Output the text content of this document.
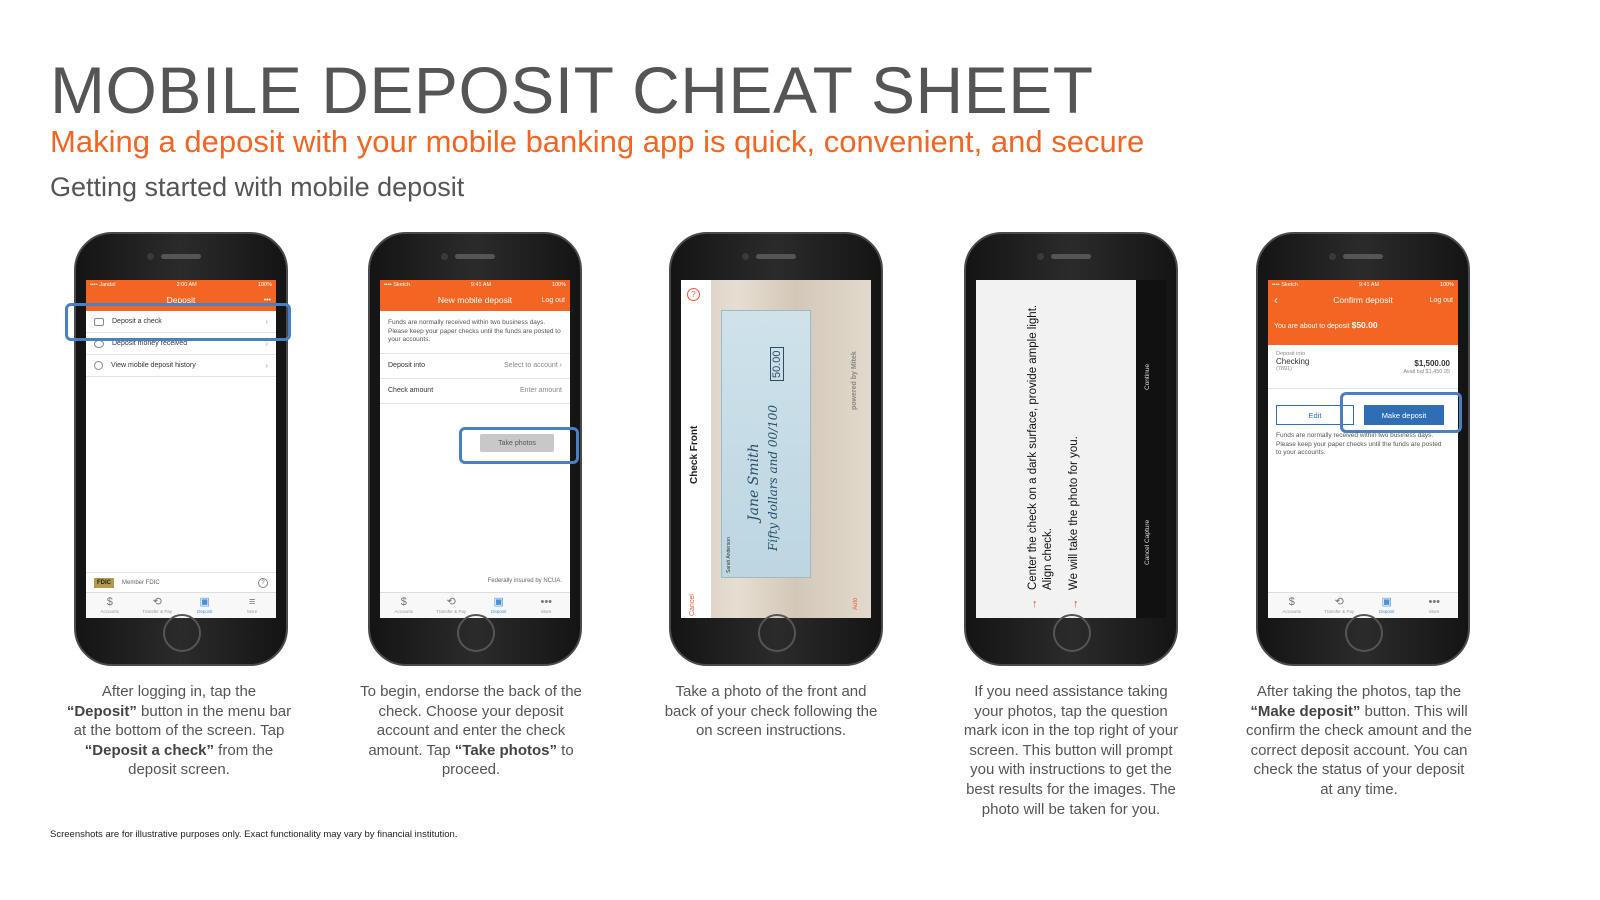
MOBILE DEPOSIT CHEAT SHEET
Making a deposit with your mobile banking app is quick, convenient, and secure
Getting started with mobile deposit
•••• Jandal	2:00 AM	100%
Deposit	•••
Deposit a check	›
Deposit money received	›
View mobile deposit history	›
FDIC	Member FDIC	?
$
Accounts
⟲
Transfer & Pay
▣
Deposit
≡
More
•••• Sketch	9:41 AM	100%
New mobile deposit	Log out
Funds are normally received within two business days. Please keep your paper checks until the funds are posted to your accounts.
Deposit into	Select to account ›
Check amount	Enter amount
Take photos
Federally insured by NCUA.
$
Accounts
⟲
Transfer & Pay
▣
Deposit
•••
More
?
Check Front
Cancel
Jane Smith Fifty dollars and 00/100
50.00
Sarah Anderson
powered by Mitek
Auto	↑	↑
Center the check on a dark surface, provide ample light. Align check. We will take the photo for you.
Continue
Cancel Capture
•••• Sketch	9:41 AM	100%
‹	Confirm deposit	Log out
You are about to deposit $50.00
Deposit into
Checking
(7891)
$1,500.00
Avail bal $1,450.95
Edit	Make deposit
Funds are normally received within two business days. Please keep your paper checks until the funds are posted to your accounts.
$
Accounts
⟲
Transfer & Pay
▣
Deposit
•••
More
After logging in, tap the “Deposit” button in the menu bar at the bottom of the screen. Tap “Deposit a check” from the deposit screen.
To begin, endorse the back of the check. Choose your deposit account and enter the check amount. Tap “Take photos” to proceed.
Take a photo of the front and back of your check following the on screen instructions.
If you need assistance taking your photos, tap the question mark icon in the top right of your screen. This button will prompt you with instructions to get the best results for the images. The photo will be taken for you.
After taking the photos, tap the “Make deposit” button. This will confirm the check amount and the correct deposit account. You can check the status of your deposit at any time.
Screenshots are for illustrative purposes only. Exact functionality may vary by financial institution.
